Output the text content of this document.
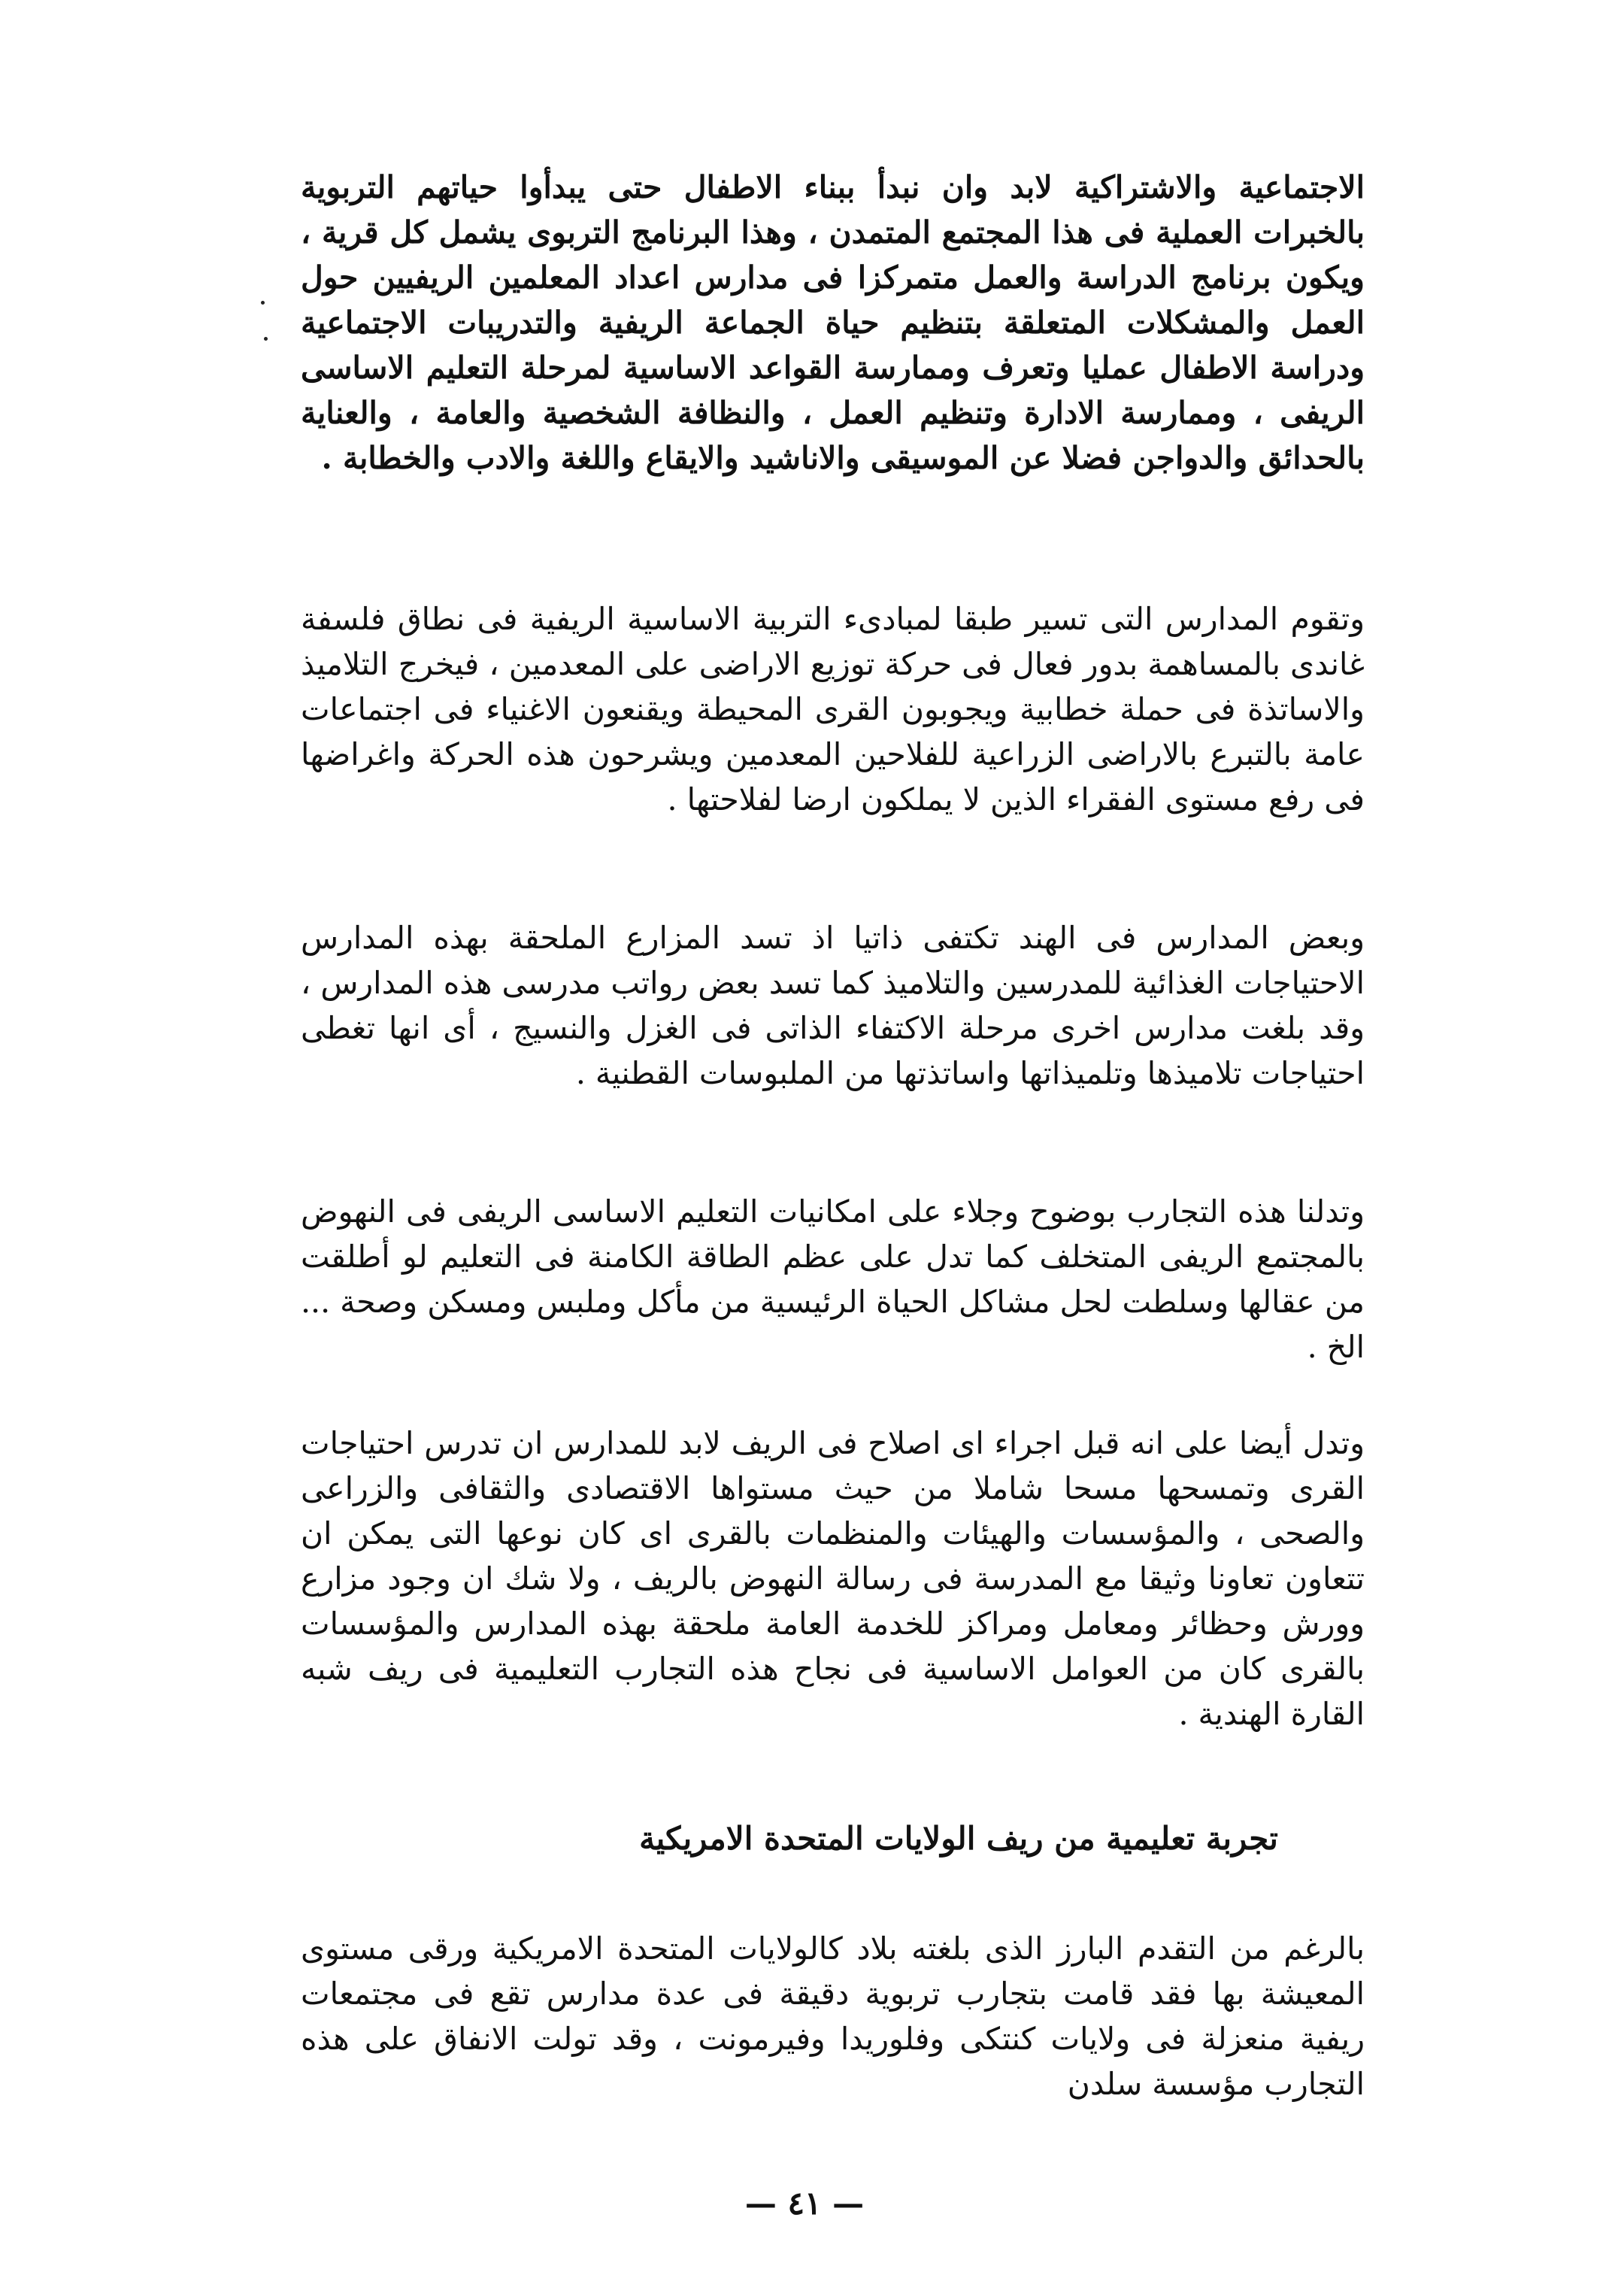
الاجتماعية والاشتراكية لابد وان نبدأ ببناء الاطفال حتى يبدأوا حياتهم التربوية بالخبرات العملية فى هذا المجتمع المتمدن ، وهذا البرنامج التربوى يشمل كل قرية ، ويكون برنامج الدراسة والعمل متمركزا فى مدارس اعداد المعلمين الريفيين حول العمل والمشكلات المتعلقة بتنظيم حياة الجماعة الريفية والتدريبات الاجتماعية ودراسة الاطفال عمليا وتعرف وممارسة القواعد الاساسية لمرحلة التعليم الاساسى الريفى ، وممارسة الادارة وتنظيم العمل ، والنظافة الشخصية والعامة ، والعناية بالحدائق والدواجن فضلا عن الموسيقى والاناشيد والايقاع واللغة والادب والخطابة .

وتقوم المدارس التى تسير طبقا لمبادىء التربية الاساسية الريفية فى نطاق فلسفة غاندى بالمساهمة بدور فعال فى حركة توزيع الاراضى على المعدمين ، فيخرج التلاميذ والاساتذة فى حملة خطابية ويجوبون القرى المحيطة ويقنعون الاغنياء فى اجتماعات عامة بالتبرع بالاراضى الزراعية للفلاحين المعدمين ويشرحون هذه الحركة واغراضها فى رفع مستوى الفقراء الذين لا يملكون ارضا لفلاحتها .

وبعض المدارس فى الهند تكتفى ذاتيا اذ تسد المزارع الملحقة بهذه المدارس الاحتياجات الغذائية للمدرسين والتلاميذ كما تسد بعض رواتب مدرسى هذه المدارس ، وقد بلغت مدارس اخرى مرحلة الاكتفاء الذاتى فى الغزل والنسيج ، أى انها تغطى احتياجات تلاميذها وتلميذاتها واساتذتها من الملبوسات القطنية .

وتدلنا هذه التجارب بوضوح وجلاء على امكانيات التعليم الاساسى الريفى فى النهوض بالمجتمع الريفى المتخلف كما تدل على عظم الطاقة الكامنة فى التعليم لو أطلقت من عقالها وسلطت لحل مشاكل الحياة الرئيسية من مأكل وملبس ومسكن وصحة ... الخ .

وتدل أيضا على انه قبل اجراء اى اصلاح فى الريف لابد للمدارس ان تدرس احتياجات القرى وتمسحها مسحا شاملا من حيث مستواها الاقتصادى والثقافى والزراعى والصحى ، والمؤسسات والهيئات والمنظمات بالقرى اى كان نوعها التى يمكن ان تتعاون تعاونا وثيقا مع المدرسة فى رسالة النهوض بالريف ، ولا شك ان وجود مزارع وورش وحظائر ومعامل ومراكز للخدمة العامة ملحقة بهذه المدارس والمؤسسات بالقرى كان من العوامل الاساسية فى نجاح هذه التجارب التعليمية فى ريف شبه القارة الهندية .

تجربة تعليمية من ريف الولايات المتحدة الامريكية

بالرغم من التقدم البارز الذى بلغته بلاد كالولايات المتحدة الامريكية ورقى مستوى المعيشة بها فقد قامت بتجارب تربوية دقيقة فى عدة مدارس تقع فى مجتمعات ريفية منعزلة فى ولايات كنتكى وفلوريدا وفيرمونت ، وقد تولت الانفاق على هذه التجارب مؤسسة سلدن

— ٤١ —
